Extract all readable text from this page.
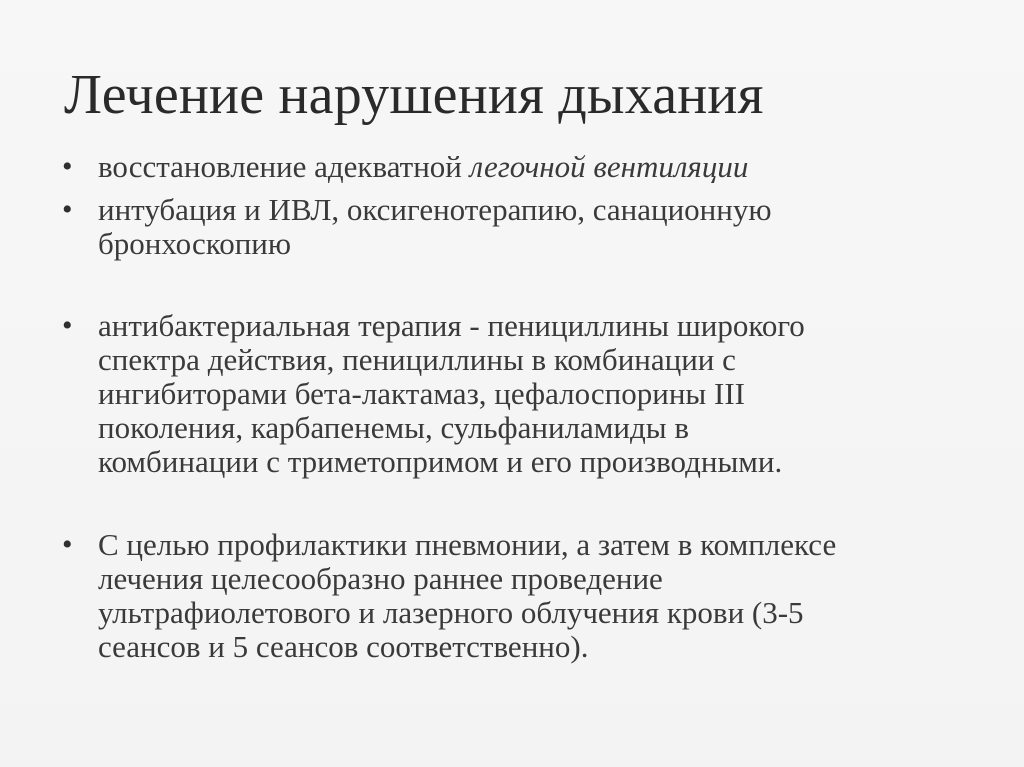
Лечение нарушения дыхания
• восстановление адекватной легочной вентиляции
• интубация и ИВЛ, оксигенотерапию, санационную
бронхоскопию
• антибактериальная терапия - пенициллины широкого
спектра действия, пенициллины в комбинации с
ингибиторами бета-лактамаз, цефалоспорины III
поколения, карбапенемы, сульфаниламиды в
комбинации с триметопримом и его производными.
• С целью профилактики пневмонии, а затем в комплексе
лечения целесообразно раннее проведение
ультрафиолетового и лазерного облучения крови (3-5
сеансов и 5 сеансов соответственно).
